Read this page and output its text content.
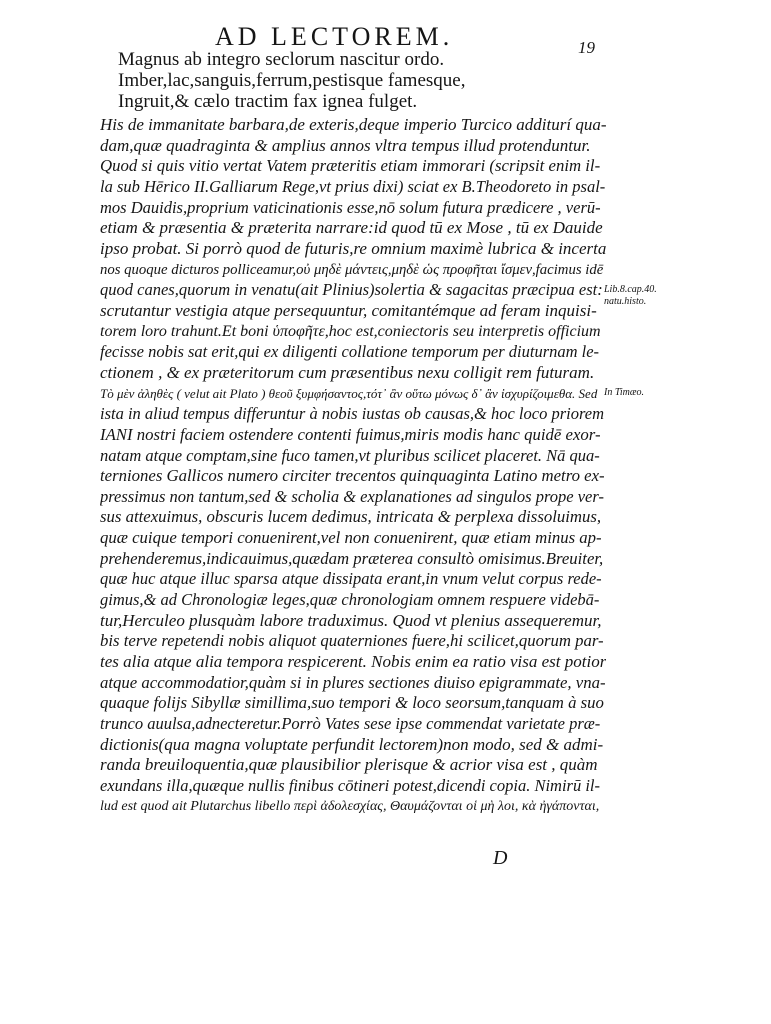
AD LECTOREM.	19
Magnus ab integro seclorum nascitur ordo.
Imber,lac,sanguis,ferrum,pestisque famesque,
Ingruit,& cælo tractim fax ignea fulget.
His de immanitate barbara,de exteris,deque imperio Turcico additurí qua-
dam,quæ quadraginta & amplius annos vltra tempus illud protenduntur.
Quod si quis vitio vertat Vatem præteritis etiam immorari (scripsit enim il-
la sub Hērico II.Galliarum Rege,vt prius dixi) sciat ex B.Theodoreto in psal-
mos Dauidis,proprium vaticinationis esse,nō solum futura prædicere , verū-
etiam & præsentia & præterita narrare:id quod tū ex Mose , tū ex Dauide
ipso probat. Si porrò quod de futuris,re omnium maximè lubrica & incerta
nos quoque dicturos polliceamur,οὐ μηδὲ μάντεις,μηδὲ ὡς προφῆται ἴσμεν,facimus idē
quod canes,quorum in venatu(ait Plinius)solertia & sagacitas præcipua est:
scrutantur vestigia atque persequuntur, comitantémque ad feram inquisi-
torem loro trahunt.Et boni ὑποφῆτε,hoc est,coniectoris seu interpretis officium
fecisse nobis sat erit,qui ex diligenti collatione temporum per diuturnam le-
ctionem , & ex præteritorum cum præsentibus nexu colligit rem futuram.
Τὸ μὲν ἀληθὲς ( velut ait Plato ) θεοῦ ξυμφήσαντος,τότ᾽ ἂν οὕτω μόνως δ᾽ ἂν ἰσχυρίζοιμεθα. Sed
ista in aliud tempus differuntur à nobis iustas ob causas,& hoc loco priorem
IANI nostri faciem ostendere contenti fuimus,miris modis hanc quidē exor-
natam atque comptam,sine fuco tamen,vt pluribus scilicet placeret. Nā qua-
terniones Gallicos numero circiter trecentos quinquaginta Latino metro ex-
pressimus non tantum,sed & scholia & explanationes ad singulos prope ver-
sus attexuimus, obscuris lucem dedimus, intricata & perplexa dissoluimus,
quæ cuique tempori conuenirent,vel non conuenirent, quæ etiam minus ap-
prehenderemus,indicauimus,quædam præterea consultò omisimus.Breuiter,
quæ huc atque illuc sparsa atque dissipata erant,in vnum velut corpus rede-
gimus,& ad Chronologiæ leges,quæ chronologiam omnem respuere videbā-
tur,Herculeo plusquàm labore traduximus. Quod vt plenius assequeremur,
bis terve repetendi nobis aliquot quaterniones fuere,hi scilicet,quorum par-
tes alia atque alia tempora respicerent. Nobis enim ea ratio visa est potior
atque accommodatior,quàm si in plures sectiones diuiso epigrammate, vna-
quaque folijs Sibyllæ simillima,suo tempori & loco seorsum,tanquam à suo
trunco auulsa,adnecteretur.Porrò Vates sese ipse commendat varietate præ-
dictionis(qua magna voluptate perfundit lectorem)non modo, sed & admi-
randa breuiloquentia,quæ plausibilior plerisque & acrior visa est , quàm
exundans illa,quæque nullis finibus cōtineri potest,dicendi copia. Nimirū il-
lud est quod ait Plutarchus libello περὶ ἀδολεσχίας, Θαυμάζονται οἱ μὴ λοι, κὰ ἠγάπονται,
Lib.8.cap.40.
natu.histo.
In Timæo.
D
